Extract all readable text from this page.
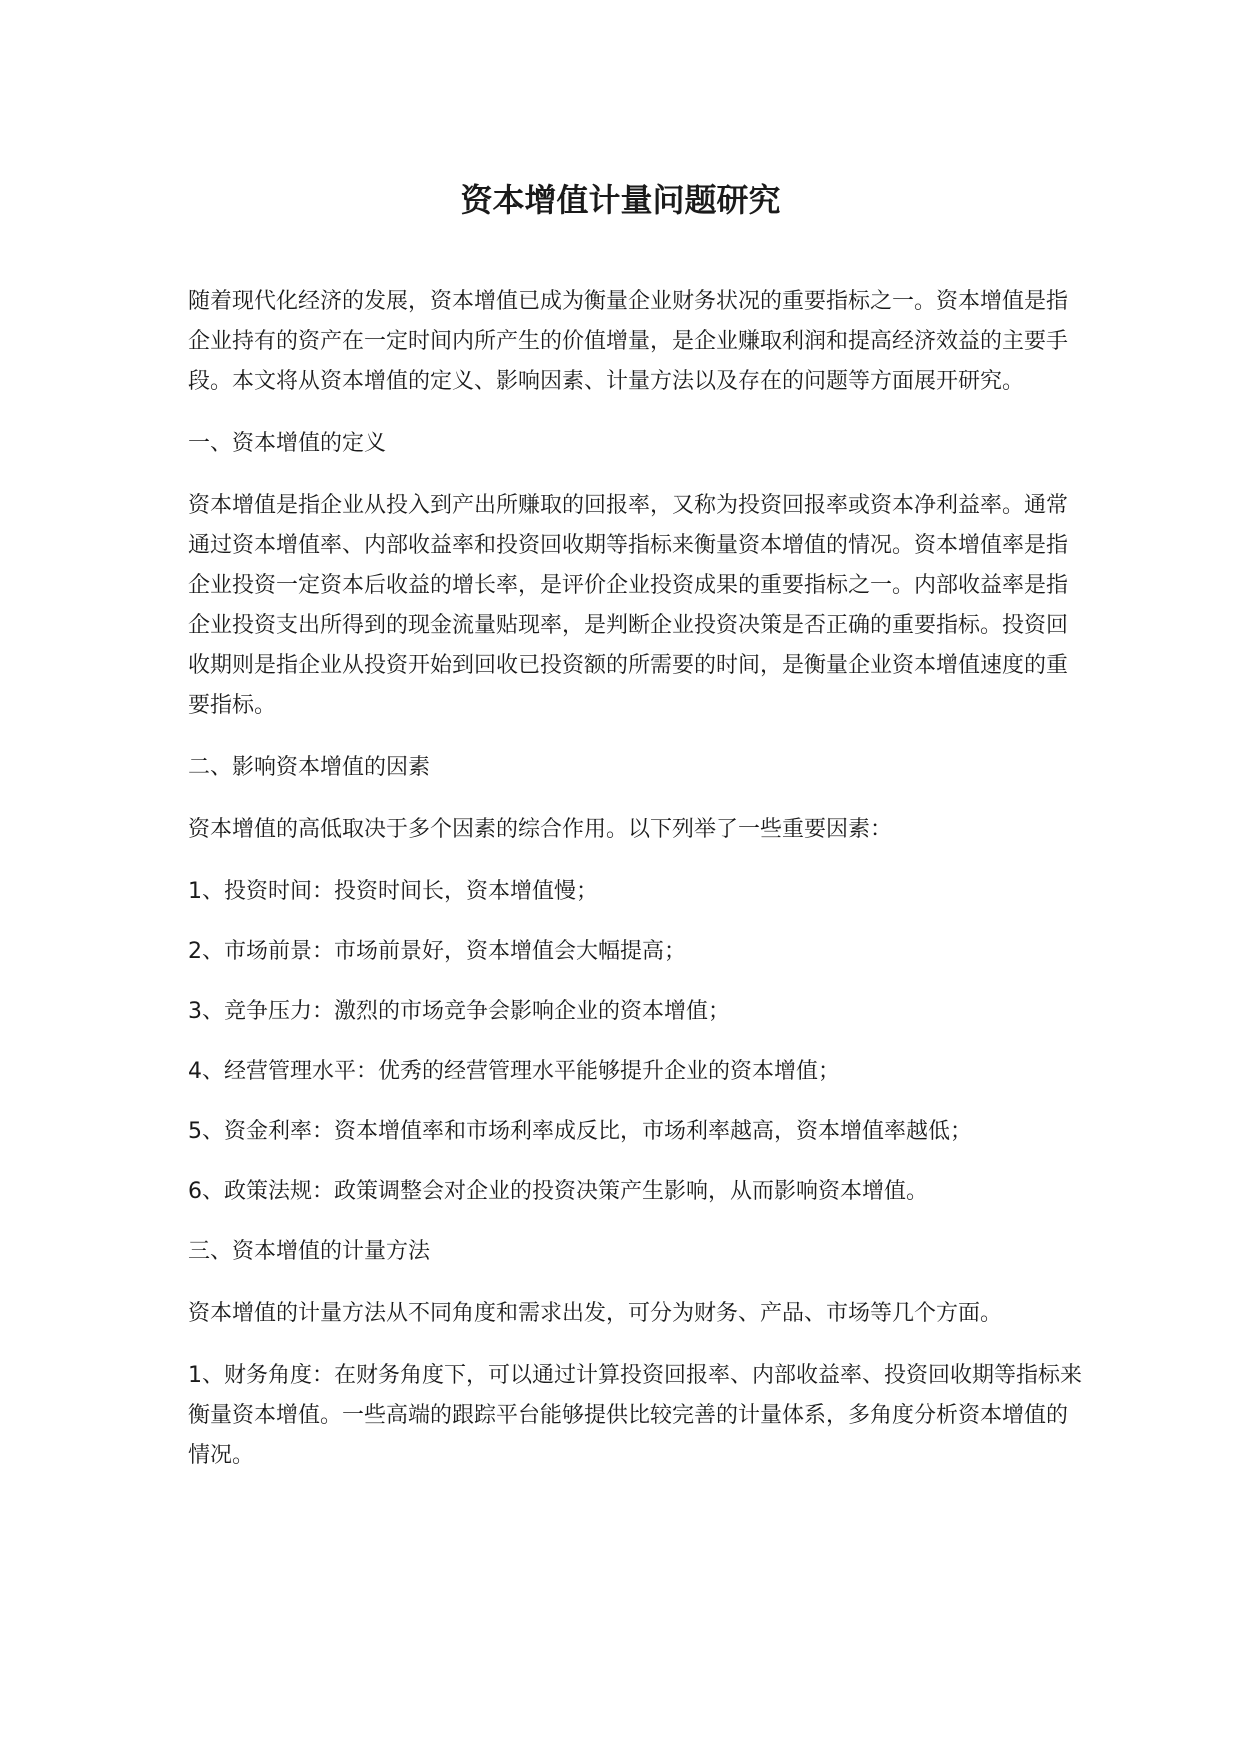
资本增值计量问题研究

随着现代化经济的发展，资本增值已成为衡量企业财务状况的重要指标之一。资本增值是指企业持有的资产在一定时间内所产生的价值增量，是企业赚取利润和提高经济效益的主要手段。本文将从资本增值的定义、影响因素、计量方法以及存在的问题等方面展开研究。

一、资本增值的定义

资本增值是指企业从投入到产出所赚取的回报率，又称为投资回报率或资本净利益率。通常通过资本增值率、内部收益率和投资回收期等指标来衡量资本增值的情况。资本增值率是指企业投资一定资本后收益的增长率，是评价企业投资成果的重要指标之一。内部收益率是指企业投资支出所得到的现金流量贴现率，是判断企业投资决策是否正确的重要指标。投资回收期则是指企业从投资开始到回收已投资额的所需要的时间，是衡量企业资本增值速度的重要指标。

二、影响资本增值的因素

资本增值的高低取决于多个因素的综合作用。以下列举了一些重要因素：

1、投资时间：投资时间长，资本增值慢；

2、市场前景：市场前景好，资本增值会大幅提高；

3、竞争压力：激烈的市场竞争会影响企业的资本增值；

4、经营管理水平：优秀的经营管理水平能够提升企业的资本增值；

5、资金利率：资本增值率和市场利率成反比，市场利率越高，资本增值率越低；

6、政策法规：政策调整会对企业的投资决策产生影响，从而影响资本增值。

三、资本增值的计量方法

资本增值的计量方法从不同角度和需求出发，可分为财务、产品、市场等几个方面。

1、财务角度：在财务角度下，可以通过计算投资回报率、内部收益率、投资回收期等指标来衡量资本增值。一些高端的跟踪平台能够提供比较完善的计量体系，多角度分析资本增值的情况。
